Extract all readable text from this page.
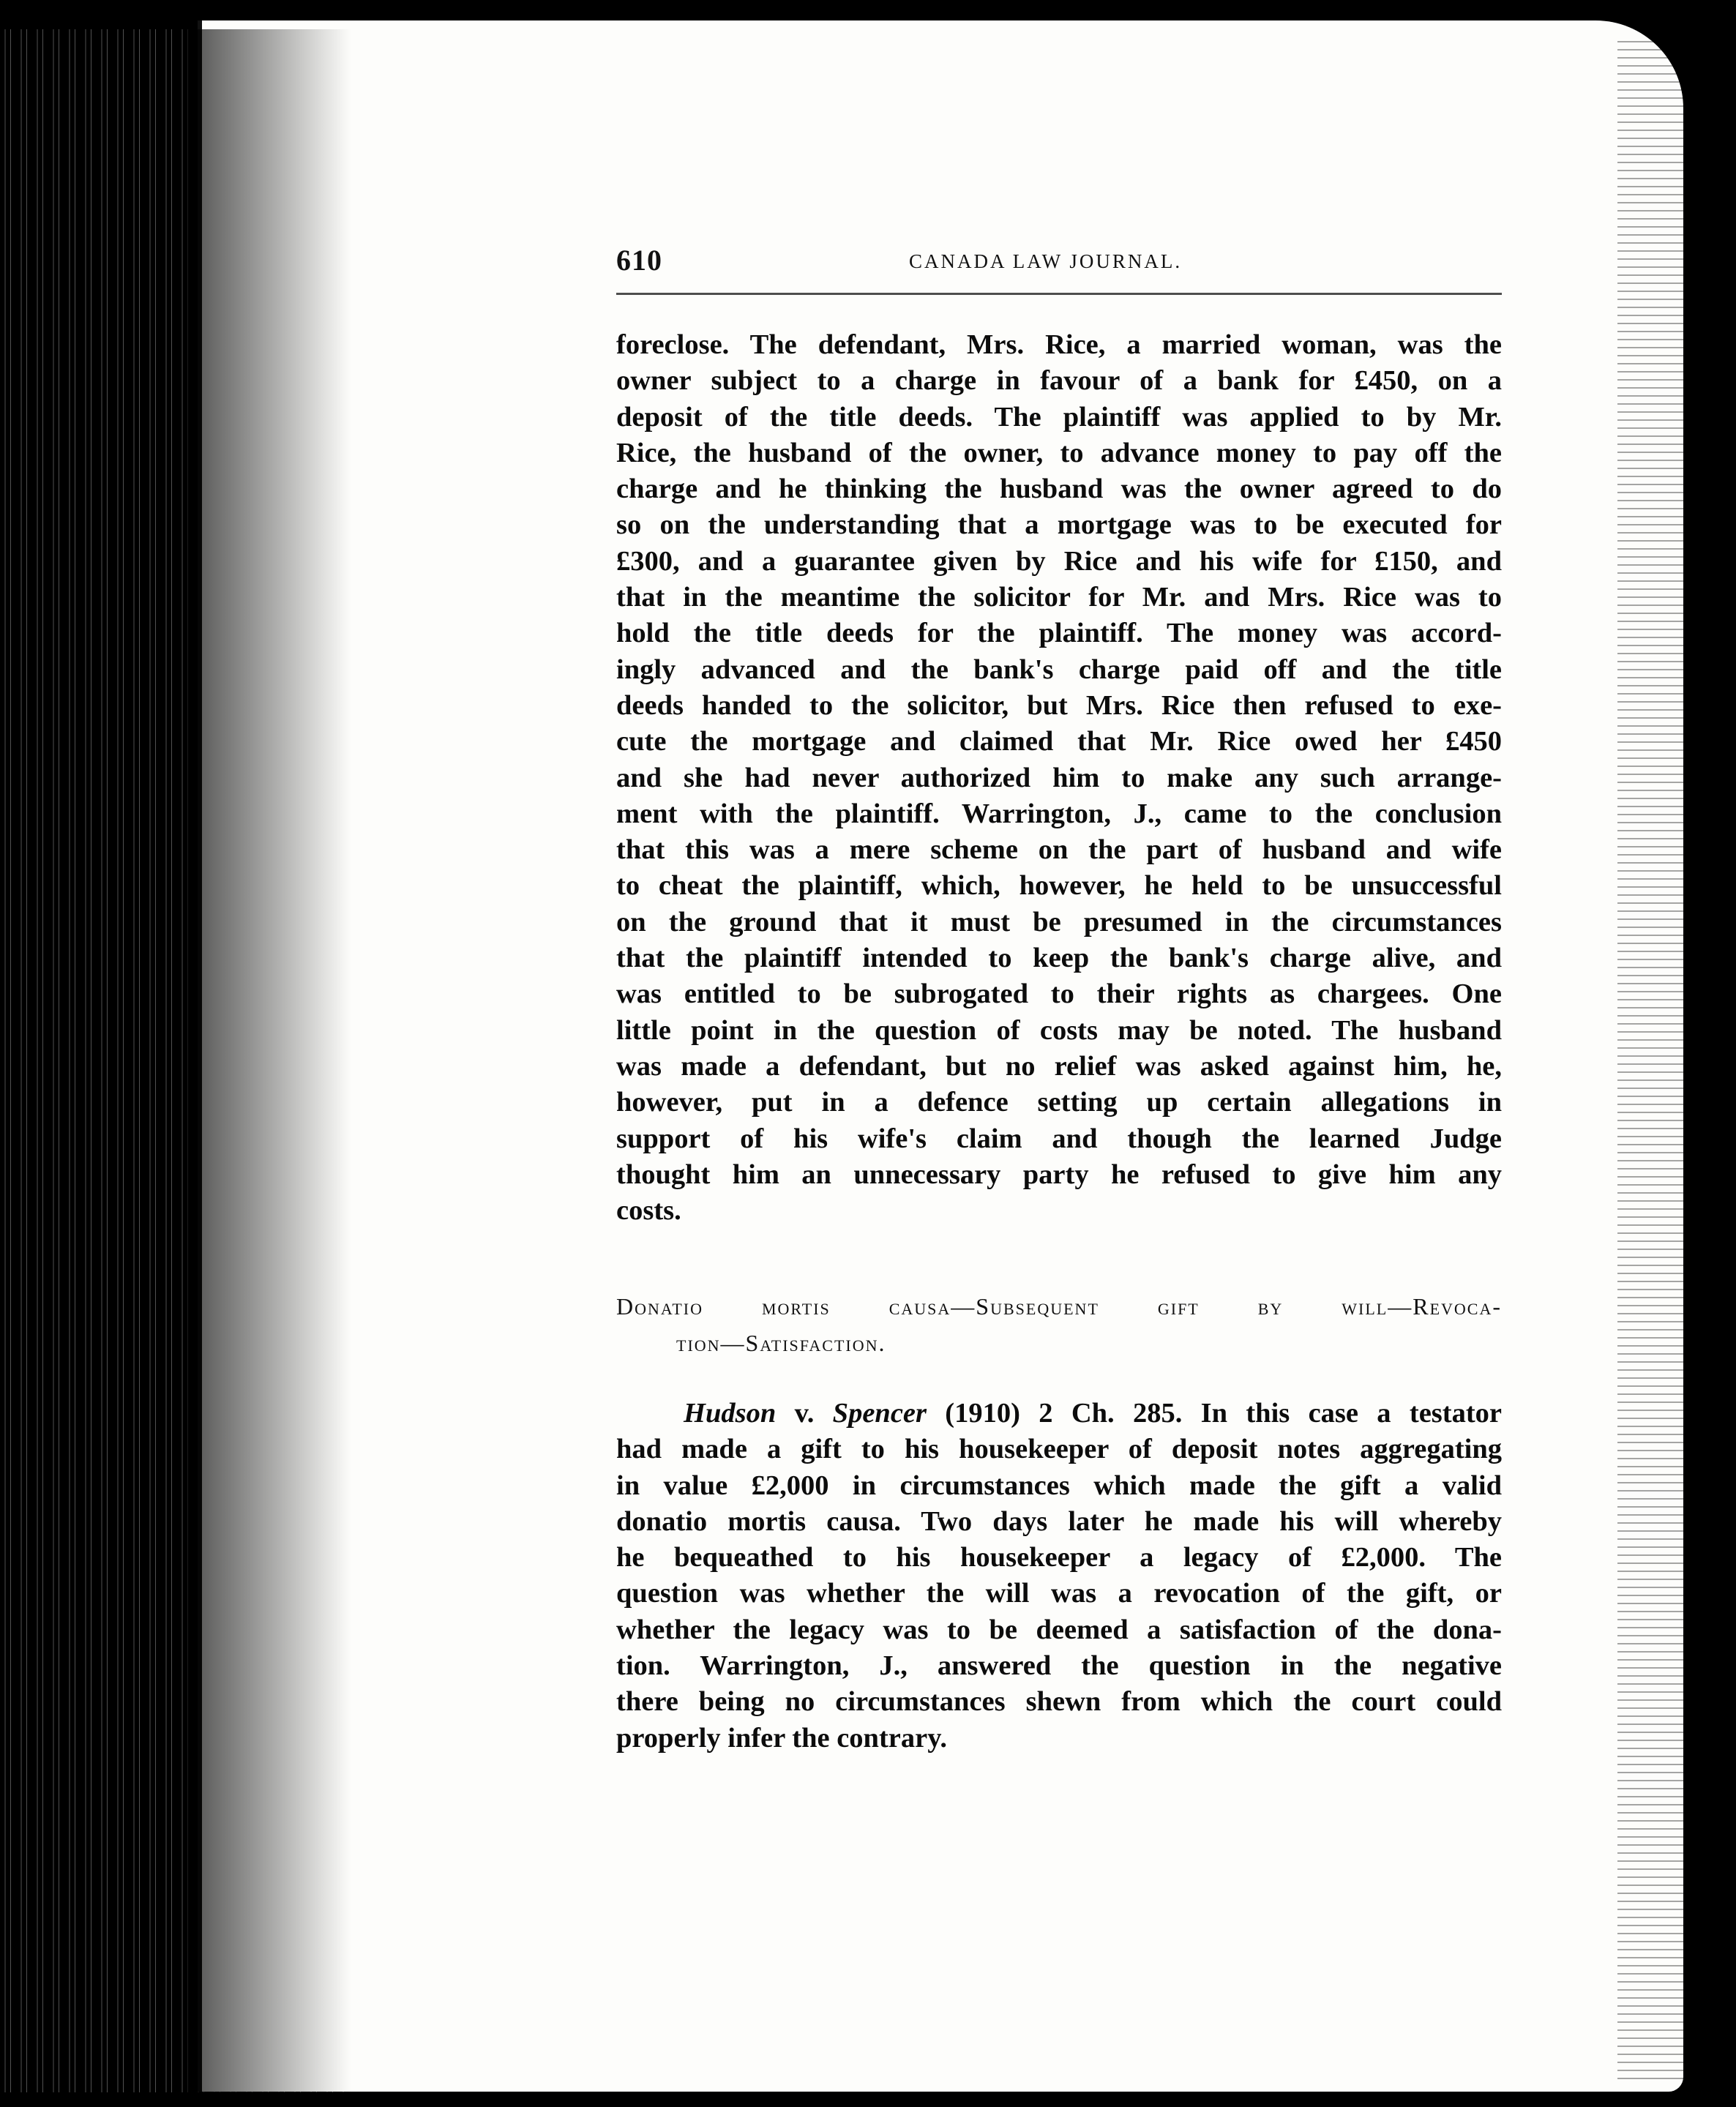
610	CANADA LAW JOURNAL.
foreclose. The defendant, Mrs. Rice, a married woman, was the
owner subject to a charge in favour of a bank for £450, on a
deposit of the title deeds. The plaintiff was applied to by Mr.
Rice, the husband of the owner, to advance money to pay off the
charge and he thinking the husband was the owner agreed to do
so on the understanding that a mortgage was to be executed for
£300, and a guarantee given by Rice and his wife for £150, and
that in the meantime the solicitor for Mr. and Mrs. Rice was to
hold the title deeds for the plaintiff. The money was accord-
ingly advanced and the bank's charge paid off and the title
deeds handed to the solicitor, but Mrs. Rice then refused to exe-
cute the mortgage and claimed that Mr. Rice owed her £450
and she had never authorized him to make any such arrange-
ment with the plaintiff. Warrington, J., came to the conclusion
that this was a mere scheme on the part of husband and wife
to cheat the plaintiff, which, however, he held to be unsuccessful
on the ground that it must be presumed in the circumstances
that the plaintiff intended to keep the bank's charge alive, and
was entitled to be subrogated to their rights as chargees. One
little point in the question of costs may be noted. The husband
was made a defendant, but no relief was asked against him, he,
however, put in a defence setting up certain allegations in
support of his wife's claim and though the learned Judge
thought him an unnecessary party he refused to give him any
costs.
Donatio mortis causa—Subsequent gift by will—Revoca-
tion—Satisfaction.
Hudson v. Spencer (1910) 2 Ch. 285. In this case a testator
had made a gift to his housekeeper of deposit notes aggregating
in value £2,000 in circumstances which made the gift a valid
donatio mortis causa. Two days later he made his will whereby
he bequeathed to his housekeeper a legacy of £2,000. The
question was whether the will was a revocation of the gift, or
whether the legacy was to be deemed a satisfaction of the dona-
tion. Warrington, J., answered the question in the negative
there being no circumstances shewn from which the court could
properly infer the contrary.
